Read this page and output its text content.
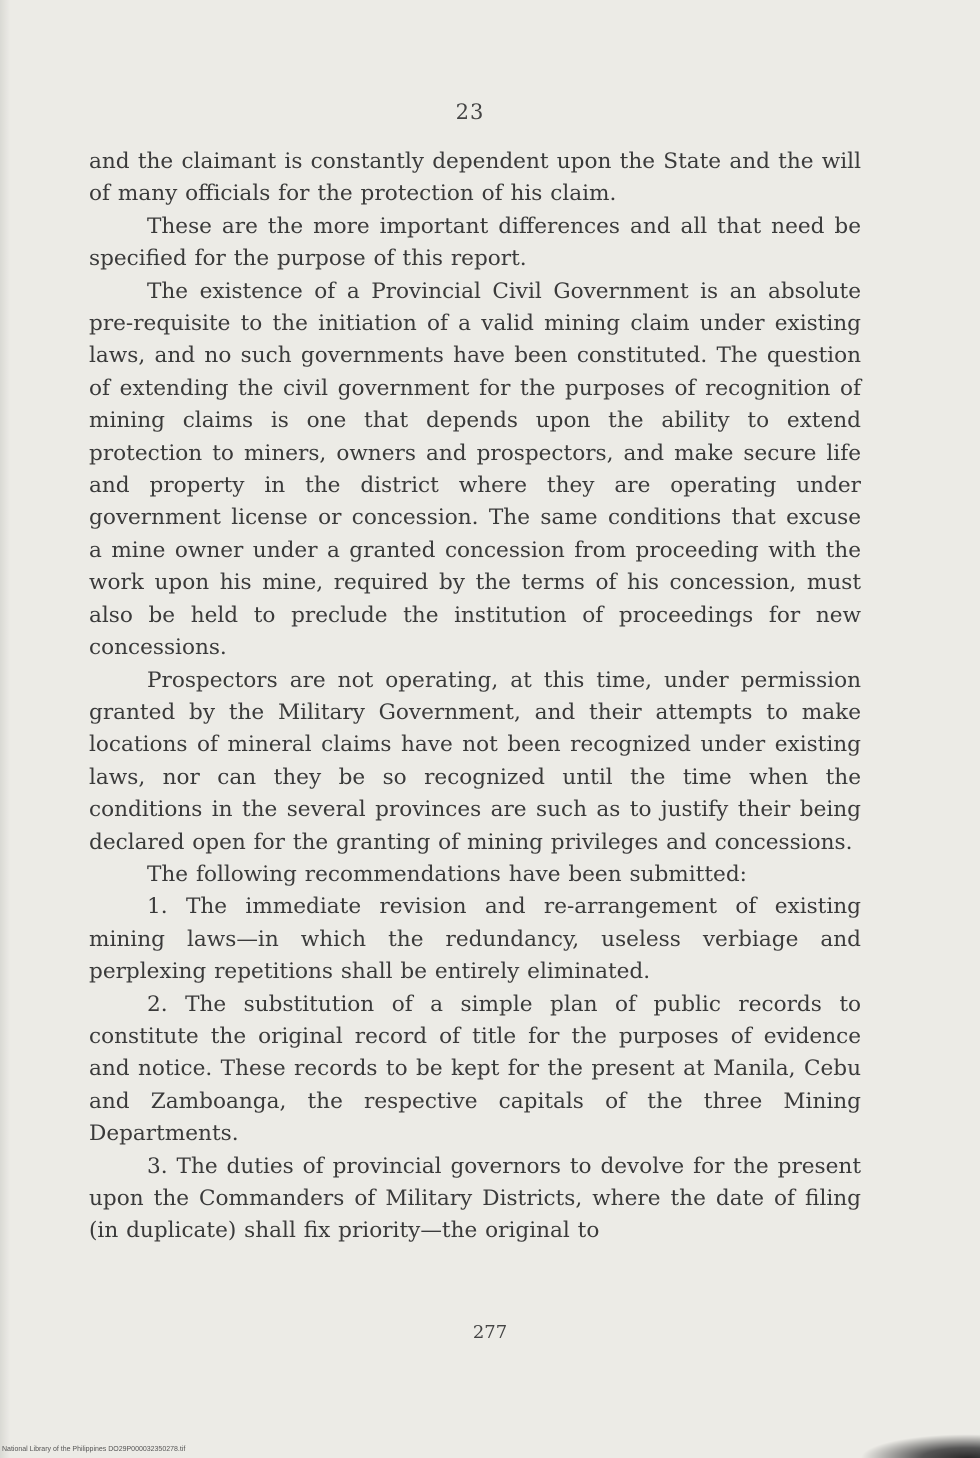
23

and the claimant is constantly dependent upon the State and the will of many officials for the protection of his claim.

These are the more important differences and all that need be specified for the purpose of this report.

The existence of a Provincial Civil Government is an absolute pre-requisite to the initiation of a valid mining claim under existing laws, and no such governments have been constituted. The question of extending the civil government for the purposes of recognition of mining claims is one that depends upon the ability to extend protection to miners, owners and prospectors, and make secure life and property in the district where they are operating under government license or concession. The same conditions that excuse a mine owner under a granted concession from proceeding with the work upon his mine, required by the terms of his concession, must also be held to preclude the institution of proceedings for new concessions.

Prospectors are not operating, at this time, under permission granted by the Military Government, and their attempts to make locations of mineral claims have not been recognized under existing laws, nor can they be so recognized until the time when the conditions in the several provinces are such as to justify their being declared open for the granting of mining privileges and concessions.

The following recommendations have been submitted:

1. The immediate revision and re-arrangement of existing mining laws—in which the redundancy, useless verbiage and perplexing repetitions shall be entirely eliminated.

2. The substitution of a simple plan of public records to constitute the original record of title for the purposes of evidence and notice. These records to be kept for the present at Manila, Cebu and Zamboanga, the respective capitals of the three Mining Departments.

3. The duties of provincial governors to devolve for the present upon the Commanders of Military Districts, where the date of filing (in duplicate) shall fix priority—the original to

277
National Library of the Philippines DO29P000032350278.tif
